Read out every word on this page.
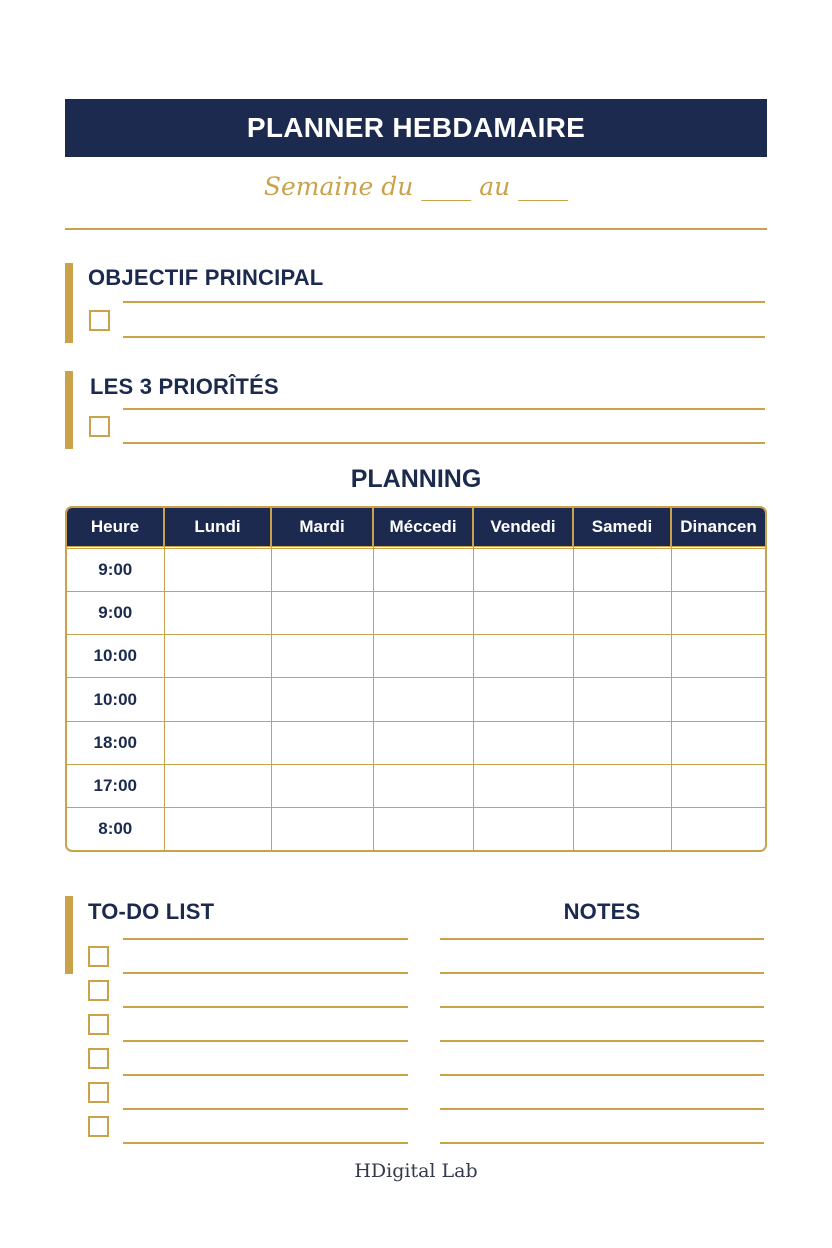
PLANNER HEBDAMAIRE
Semaine du ____ au ____
OBJECTIF PRINCIPAL
LES 3 PRIORÎTÉS
PLANNING
Heure	Lundi	Mardi	Méccedi	Vendedi	Samedi	Dinancen

9:00						
9:00						
10:00						
10:00						
18:00						
17:00						
8:00						
TO-DO LIST	NOTES
HDigital Lab
